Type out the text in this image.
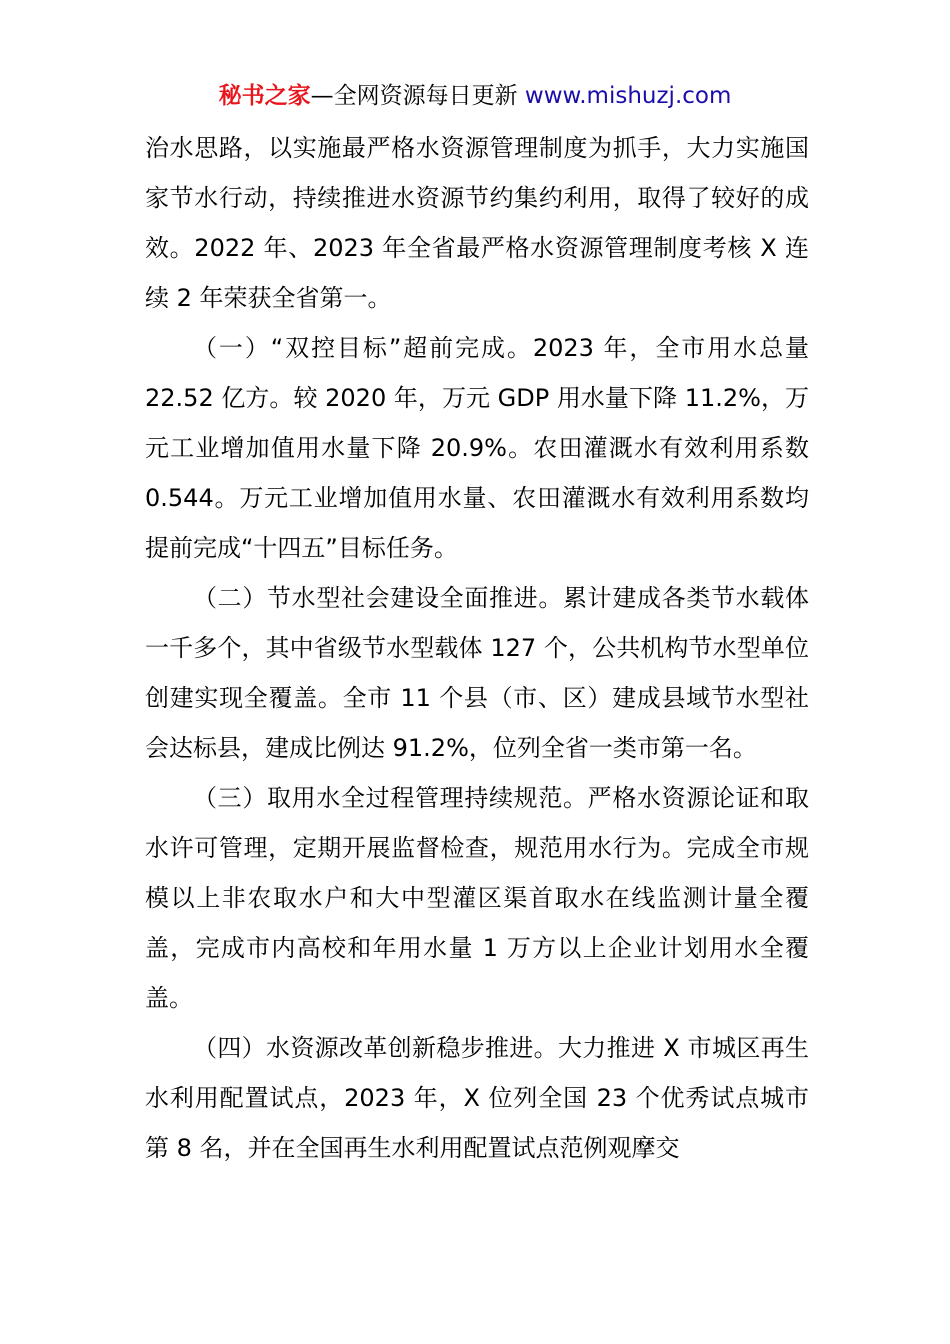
秘书之家—全网资源每日更新 www.mishuzj.com

治水思路，以实施最严格水资源管理制度为抓手，大力实施国家节水行动，持续推进水资源节约集约利用，取得了较好的成效。2022 年、2023 年全省最严格水资源管理制度考核 X 连续 2 年荣获全省第一。

（一）“双控目标”超前完成。2023 年，全市用水总量 22.52 亿方。较 2020 年，万元 GDP 用水量下降 11.2%，万元工业增加值用水量下降 20.9%。农田灌溉水有效利用系数 0.544。万元工业增加值用水量、农田灌溉水有效利用系数均提前完成“十四五”目标任务。

（二）节水型社会建设全面推进。累计建成各类节水载体一千多个，其中省级节水型载体 127 个，公共机构节水型单位创建实现全覆盖。全市 11 个县（市、区）建成县域节水型社会达标县，建成比例达 91.2%，位列全省一类市第一名。

（三）取用水全过程管理持续规范。严格水资源论证和取水许可管理，定期开展监督检查，规范用水行为。完成全市规模以上非农取水户和大中型灌区渠首取水在线监测计量全覆盖，完成市内高校和年用水量 1 万方以上企业计划用水全覆盖。

（四）水资源改革创新稳步推进。大力推进 X 市城区再生水利用配置试点，2023 年，X 位列全国 23 个优秀试点城市第 8 名，并在全国再生水利用配置试点范例观摩交
